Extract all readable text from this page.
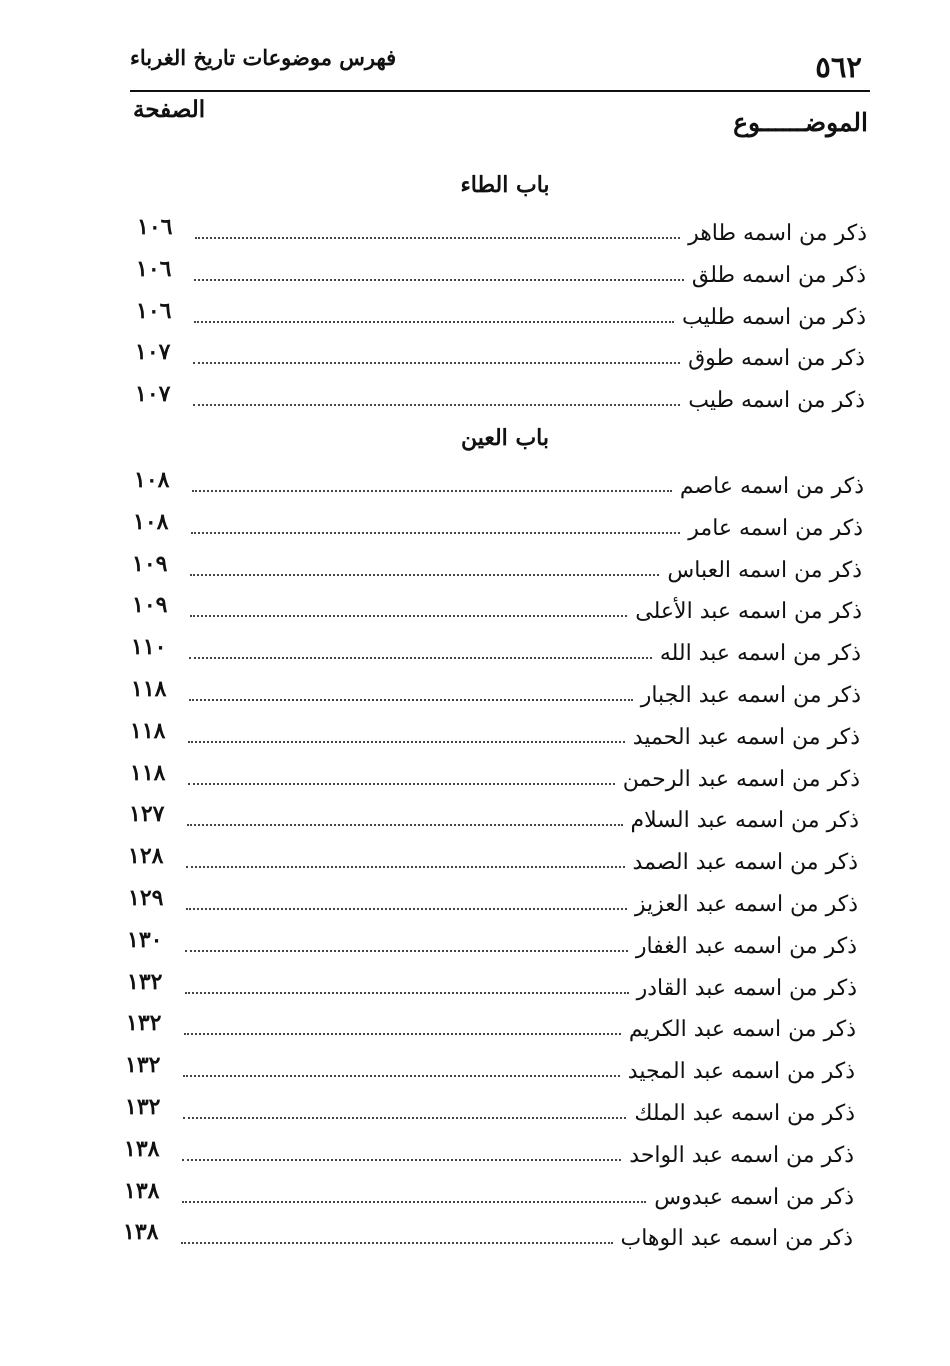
٥٦٢
فهرس موضوعات تاريخ الغرباء
الموضــــــوع
الصفحة
باب الطاء
ذكر من اسمه طاهر
١٠٦
ذكر من اسمه طلق
١٠٦
ذكر من اسمه طليب
١٠٦
ذكر من اسمه طوق
١٠٧
ذكر من اسمه طيب
١٠٧
باب العين
ذكر من اسمه عاصم
١٠٨
ذكر من اسمه عامر
١٠٨
ذكر من اسمه العباس
١٠٩
ذكر من اسمه عبد الأعلى
١٠٩
ذكر من اسمه عبد الله
١١٠
ذكر من اسمه عبد الجبار
١١٨
ذكر من اسمه عبد الحميد
١١٨
ذكر من اسمه عبد الرحمن
١١٨
ذكر من اسمه عبد السلام
١٢٧
ذكر من اسمه عبد الصمد
١٢٨
ذكر من اسمه عبد العزيز
١٢٩
ذكر من اسمه عبد الغفار
١٣٠
ذكر من اسمه عبد القادر
١٣٢
ذكر من اسمه عبد الكريم
١٣٢
ذكر من اسمه عبد المجيد
١٣٢
ذكر من اسمه عبد الملك
١٣٢
ذكر من اسمه عبد الواحد
١٣٨
ذكر من اسمه عبدوس
١٣٨
ذكر من اسمه عبد الوهاب
١٣٨
